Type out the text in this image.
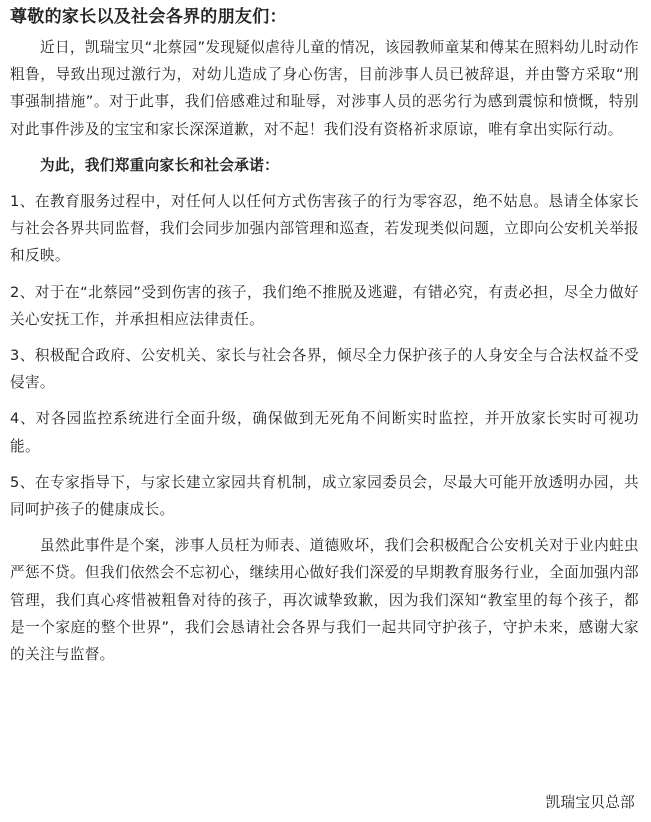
尊敬的家长以及社会各界的朋友们：

近日，凯瑞宝贝“北蔡园”发现疑似虐待儿童的情况，该园教师童某和傅某在照料幼儿时动作粗鲁，导致出现过激行为，对幼儿造成了身心伤害，目前涉事人员已被辞退，并由警方采取“刑事强制措施”。对于此事，我们倍感难过和耻辱，对涉事人员的恶劣行为感到震惊和愤慨，特别对此事件涉及的宝宝和家长深深道歉，对不起！我们没有资格祈求原谅，唯有拿出实际行动。

为此，我们郑重向家长和社会承诺：

1、在教育服务过程中，对任何人以任何方式伤害孩子的行为零容忍，绝不姑息。恳请全体家长与社会各界共同监督，我们会同步加强内部管理和巡查，若发现类似问题，立即向公安机关举报和反映。

2、对于在“北蔡园”受到伤害的孩子，我们绝不推脱及逃避，有错必究，有责必担，尽全力做好关心安抚工作，并承担相应法律责任。

3、积极配合政府、公安机关、家长与社会各界，倾尽全力保护孩子的人身安全与合法权益不受侵害。

4、对各园监控系统进行全面升级，确保做到无死角不间断实时监控，并开放家长实时可视功能。

5、在专家指导下，与家长建立家园共育机制，成立家园委员会，尽最大可能开放透明办园，共同呵护孩子的健康成长。

虽然此事件是个案，涉事人员枉为师表、道德败坏，我们会积极配合公安机关对于业内蛀虫严惩不贷。但我们依然会不忘初心，继续用心做好我们深爱的早期教育服务行业，全面加强内部管理，我们真心疼惜被粗鲁对待的孩子，再次诚挚致歉，因为我们深知“教室里的每个孩子，都是一个家庭的整个世界”，我们会恳请社会各界与我们一起共同守护孩子，守护未来，感谢大家的关注与监督。

凯瑞宝贝总部
